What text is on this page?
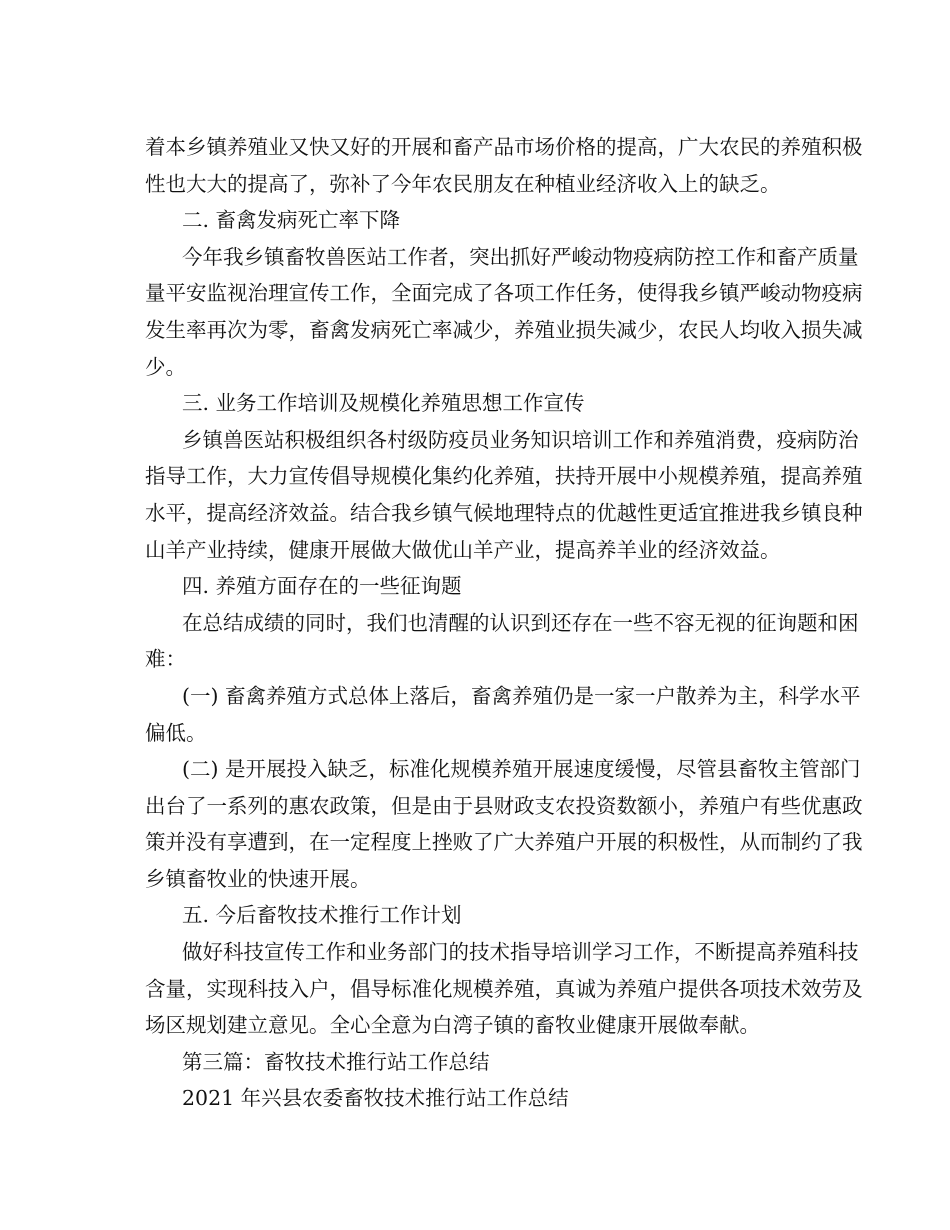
着本乡镇养殖业又快又好的开展和畜产品市场价格的提高，广大农民的养殖积极
性也大大的提高了，弥补了今年农民朋友在种植业经济收入上的缺乏。
二. 畜禽发病死亡率下降
今年我乡镇畜牧兽医站工作者，突出抓好严峻动物疫病防控工作和畜产质量
量平安监视治理宣传工作，全面完成了各项工作任务，使得我乡镇严峻动物疫病
发生率再次为零，畜禽发病死亡率减少，养殖业损失减少，农民人均收入损失减
少。
三. 业务工作培训及规模化养殖思想工作宣传
乡镇兽医站积极组织各村级防疫员业务知识培训工作和养殖消费，疫病防治
指导工作，大力宣传倡导规模化集约化养殖，扶持开展中小规模养殖，提高养殖
水平，提高经济效益。结合我乡镇气候地理特点的优越性更适宜推进我乡镇良种
山羊产业持续，健康开展做大做优山羊产业，提高养羊业的经济效益。
四. 养殖方面存在的一些征询题
在总结成绩的同时，我们也清醒的认识到还存在一些不容无视的征询题和困
难：
(一) 畜禽养殖方式总体上落后，畜禽养殖仍是一家一户散养为主，科学水平
偏低。
(二) 是开展投入缺乏，标准化规模养殖开展速度缓慢，尽管县畜牧主管部门
出台了一系列的惠农政策，但是由于县财政支农投资数额小，养殖户有些优惠政
策并没有享遭到，在一定程度上挫败了广大养殖户开展的积极性，从而制约了我
乡镇畜牧业的快速开展。
五. 今后畜牧技术推行工作计划
做好科技宣传工作和业务部门的技术指导培训学习工作，不断提高养殖科技
含量，实现科技入户，倡导标准化规模养殖，真诚为养殖户提供各项技术效劳及
场区规划建立意见。全心全意为白湾子镇的畜牧业健康开展做奉献。
第三篇：畜牧技术推行站工作总结
2021 年兴县农委畜牧技术推行站工作总结
